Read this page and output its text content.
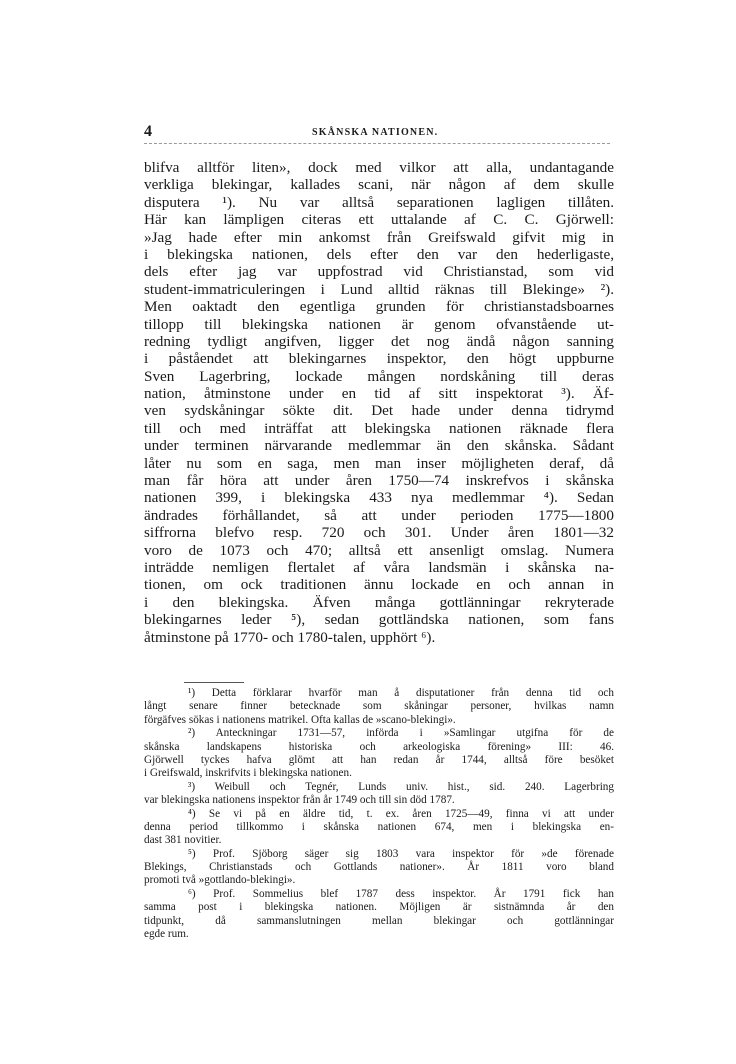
4	SKÅNSKA NATIONEN.
blifva alltför liten», dock med vilkor att alla, undantagande
verkliga blekingar, kallades scani, när någon af dem skulle
disputera ¹). Nu var alltså separationen lagligen tillåten.
Här kan lämpligen citeras ett uttalande af C. C. Gjörwell:
»Jag hade efter min ankomst från Greifswald gifvit mig in
i blekingska nationen, dels efter den var den hederligaste,
dels efter jag var uppfostrad vid Christianstad, som vid
student-immatriculeringen i Lund alltid räknas till Blekinge» ²).
Men oaktadt den egentliga grunden för christianstadsboarnes
tillopp till blekingska nationen är genom ofvanstående ut-
redning tydligt angifven, ligger det nog ändå någon sanning
i påståendet att blekingarnes inspektor, den högt uppburne
Sven Lagerbring, lockade mången nordskåning till deras
nation, åtminstone under en tid af sitt inspektorat ³). Äf-
ven sydskåningar sökte dit. Det hade under denna tidrymd
till och med inträffat att blekingska nationen räknade flera
under terminen närvarande medlemmar än den skånska. Sådant
låter nu som en saga, men man inser möjligheten deraf, då
man får höra att under åren 1750—74 inskrefvos i skånska
nationen 399, i blekingska 433 nya medlemmar ⁴). Sedan
ändrades förhållandet, så att under perioden 1775—1800
siffrorna blefvo resp. 720 och 301. Under åren 1801—32
voro de 1073 och 470; alltså ett ansenligt omslag. Numera
inträdde nemligen flertalet af våra landsmän i skånska na-
tionen, om ock traditionen ännu lockade en och annan in
i den blekingska. Äfven många gottlänningar rekryterade
blekingarnes leder ⁵), sedan gottländska nationen, som fans
åtminstone på 1770- och 1780-talen, upphört ⁶).
¹) Detta förklarar hvarför man å disputationer från denna tid och
långt senare finner betecknade som skåningar personer, hvilkas namn
förgäfves sökas i nationens matrikel. Ofta kallas de »scano-blekingi».
²) Anteckningar 1731—57, införda i »Samlingar utgifna för de
skånska landskapens historiska och arkeologiska förening» III: 46.
Gjörwell tyckes hafva glömt att han redan år 1744, alltså före besöket
i Greifswald, inskrifvits i blekingska nationen.
³) Weibull och Tegnér, Lunds univ. hist., sid. 240. Lagerbring
var blekingska nationens inspektor från år 1749 och till sin död 1787.
⁴) Se vi på en äldre tid, t. ex. åren 1725—49, finna vi att under
denna period tillkommo i skånska nationen 674, men i blekingska en-
dast 381 novitier.
⁵) Prof. Sjöborg säger sig 1803 vara inspektor för »de förenade
Blekings, Christianstads och Gottlands nationer». År 1811 voro bland
promoti två »gottlando-blekingi».
⁶) Prof. Sommelius blef 1787 dess inspektor. År 1791 fick han
samma post i blekingska nationen. Möjligen är sistnämnda år den
tidpunkt, då sammanslutningen mellan blekingar och gottlänningar
egde rum.
